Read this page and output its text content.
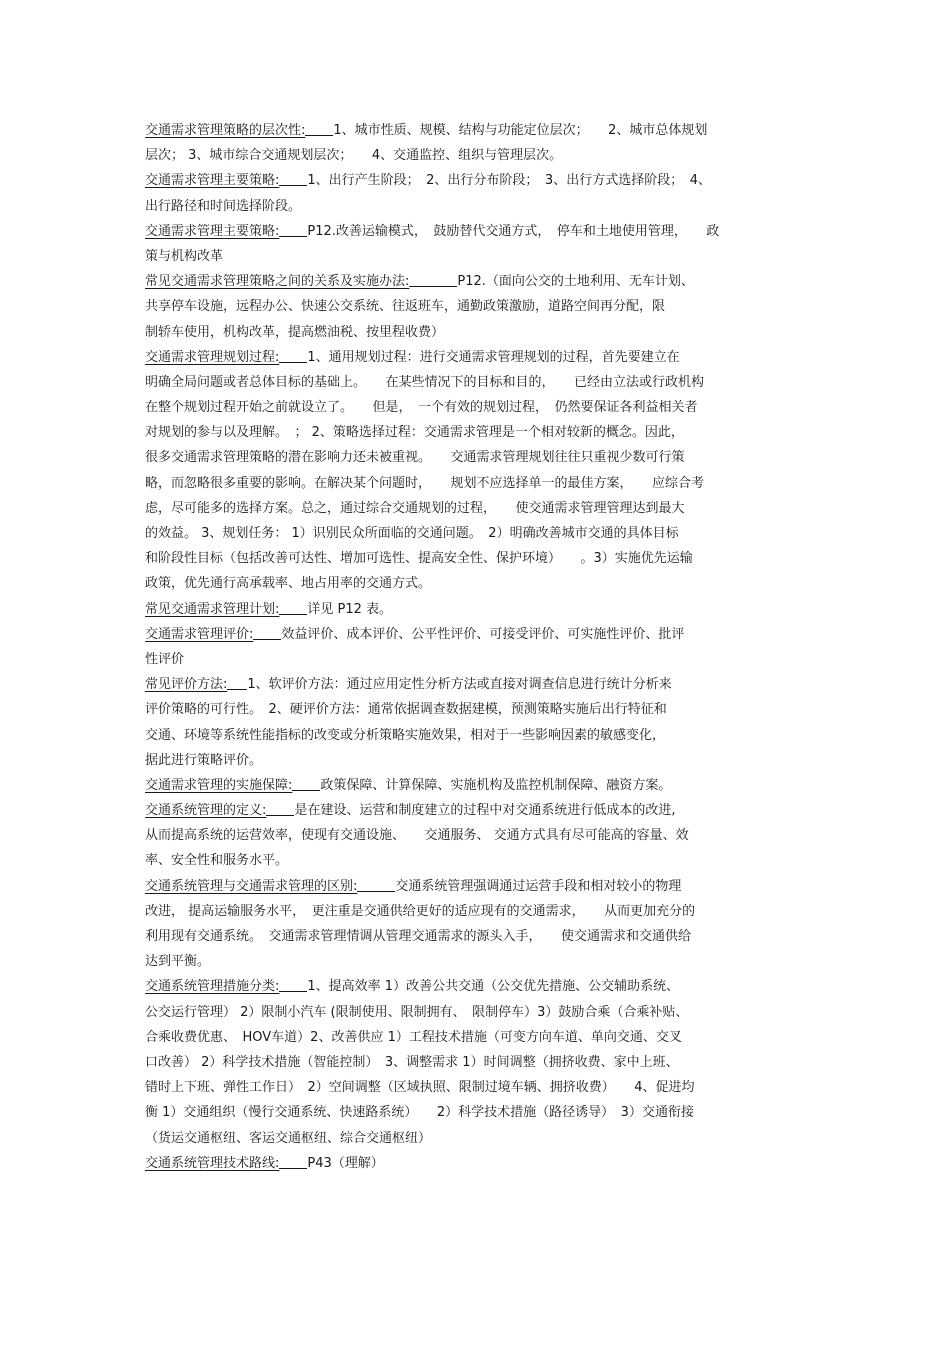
交通需求管理策略的层次性: 1、城市性质、规模、结构与功能定位层次；　　2、城市总体规划
层次； 3、城市综合交通规划层次；　　4、交通监控、组织与管理层次。
交通需求管理主要策略: 1、出行产生阶段；　2、出行分布阶段；　3、出行方式选择阶段；　4、
出行路径和时间选择阶段。
交通需求管理主要策略: P12.改善运输模式，　鼓励替代交通方式，　停车和土地使用管理，　　政
策与机构改革
常见交通需求管理策略之间的关系及实施办法:	P12.（面向公交的土地利用、无车计划、
共享停车设施，远程办公、快速公交系统、往返班车，通勤政策激励，道路空间再分配，限
制轿车使用，机构改革，提高燃油税、按里程收费）
交通需求管理规划过程: 1、通用规划过程：进行交通需求管理规划的过程，首先要建立在
明确全局问题或者总体目标的基础上。　　在某些情况下的目标和目的，　　已经由立法或行政机构
在整个规划过程开始之前就设立了。　　但是，　一个有效的规划过程，　仍然要保证各利益相关者
对规划的参与以及理解。　； 2、策略选择过程：交通需求管理是一个相对较新的概念。因此，
很多交通需求管理策略的潜在影响力还未被重视。　　交通需求管理规划往往只重视少数可行策
略，而忽略很多重要的影响。在解决某个问题时，　　规划不应选择单一的最佳方案，　　应综合考
虑，尽可能多的选择方案。总之，通过综合交通规划的过程，　　使交通需求管理管理达到最大
的效益。 3、规划任务： 1）识别民众所面临的交通问题。　2）明确改善城市交通的具体目标
和阶段性目标（包括改善可达性、增加可选性、提高安全性、保护环境）　　。3）实施优先运输
政策，优先通行高承载率、地占用率的交通方式。
常见交通需求管理计划: 详见 P12 表。
交通需求管理评价: 效益评价、成本评价、公平性评价、可接受评价、可实施性评价、批评
性评价
常见评价方法: 1、软评价方法：通过应用定性分析方法或直接对调查信息进行统计分析来
评价策略的可行性。　2、硬评价方法：通常依据调查数据建模，预测策略实施后出行特征和
交通、环境等系统性能指标的改变或分析策略实施效果，相对于一些影响因素的敏感变化，
据此进行策略评价。
交通需求管理的实施保障: 政策保障、计算保障、实施机构及监控机制保障、融资方案。
交通系统管理的定义: 是在建设、运营和制度建立的过程中对交通系统进行低成本的改进,
从而提高系统的运营效率，使现有交通设施、　　交通服务、 交通方式具有尽可能高的容量、效
率、安全性和服务水平。
交通系统管理与交通需求管理的区别:	交通系统管理强调通过运营手段和相对较小的物理
改进， 提高运输服务水平，　更注重是交通供给更好的适应现有的交通需求，　　从而更加充分的
利用现有交通系统。　交通需求管理情调从管理交通需求的源头入手，　　使交通需求和交通供给
达到平衡。
交通系统管理措施分类: 1、提高效率 1）改善公共交通（公交优先措施、公交辅助系统、
公交运行管理） 2）限制小汽车 (限制使用、限制拥有、　限制停车）3）鼓励合乘（合乘补贴、
合乘收费优惠、　HOV车道）2、改善供应 1）工程技术措施（可变方向车道、单向交通、交叉
口改善） 2）科学技术措施（智能控制）　3、调整需求 1）时间调整（拥挤收费、家中上班、
错时上下班、弹性工作日）　2）空间调整（区域执照、限制过境车辆、拥挤收费）　　4、促进均
衡 1）交通组织（慢行交通系统、快速路系统）　　2）科学技术措施（路径诱导）　3）交通衔接
（货运交通枢纽、客运交通枢纽、综合交通枢纽）
交通系统管理技术路线: P43（理解）
